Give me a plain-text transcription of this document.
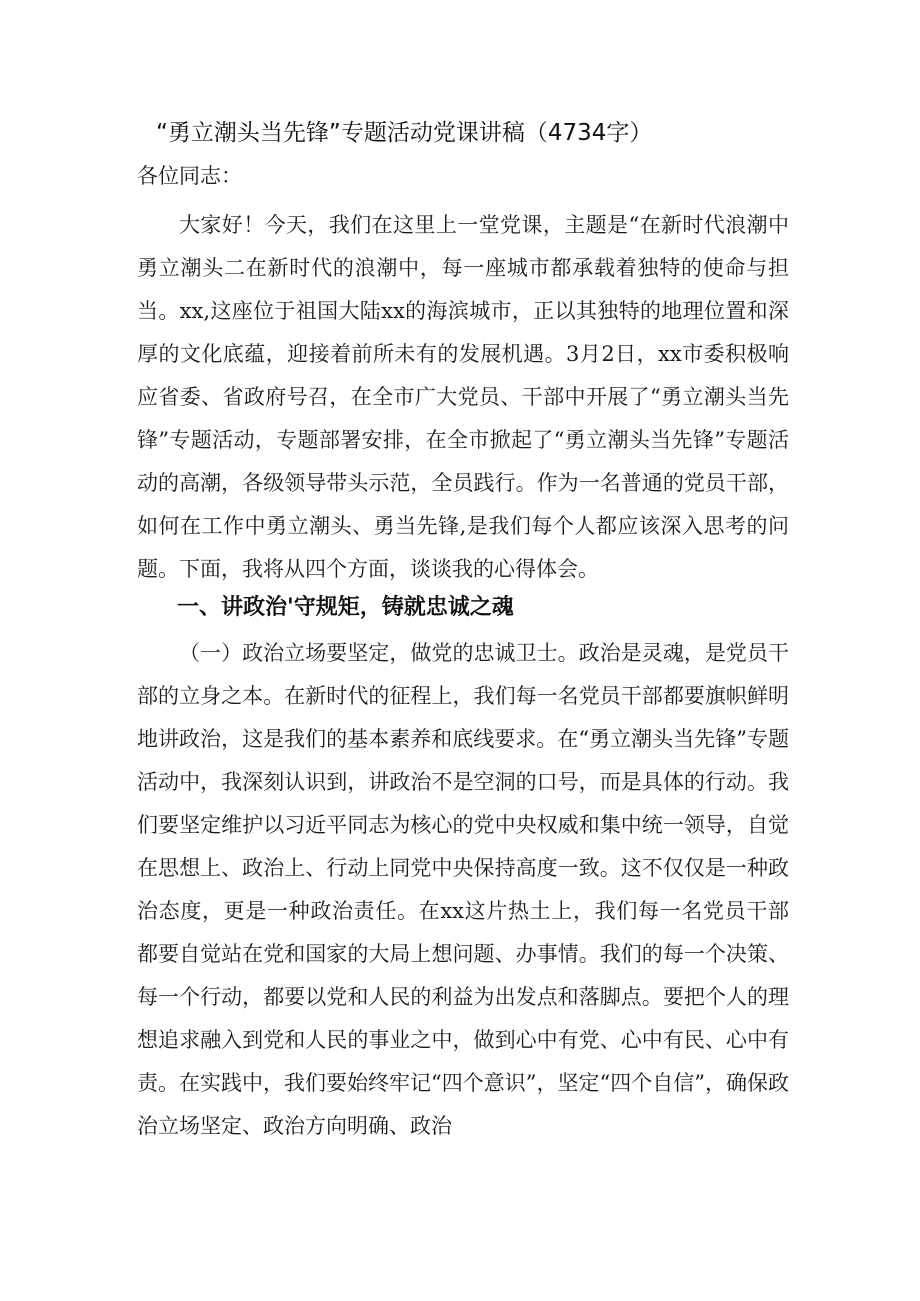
“勇立潮头当先锋”专题活动党课讲稿（4734字）
各位同志：

大家好！今天，我们在这里上一堂党课，主题是“在新时代浪潮中勇立潮头二在新时代的浪潮中，每一座城市都承载着独特的使命与担当。xx,这座位于祖国大陆xx的海滨城市，正以其独特的地理位置和深厚的文化底蕴，迎接着前所未有的发展机遇。3月2日，xx市委积极响应省委、省政府号召，在全市广大党员、干部中开展了“勇立潮头当先锋”专题活动，专题部署安排，在全市掀起了“勇立潮头当先锋”专题活动的高潮，各级领导带头示范，全员践行。作为一名普通的党员干部，如何在工作中勇立潮头、勇当先锋,是我们每个人都应该深入思考的问题。下面，我将从四个方面，谈谈我的心得体会。

一、讲政治'守规矩，铸就忠诚之魂

（一）政治立场要坚定，做党的忠诚卫士。政治是灵魂，是党员干部的立身之本。在新时代的征程上，我们每一名党员干部都要旗帜鲜明地讲政治，这是我们的基本素养和底线要求。在“勇立潮头当先锋”专题活动中，我深刻认识到，讲政治不是空洞的口号，而是具体的行动。我们要坚定维护以习近平同志为核心的党中央权威和集中统一领导，自觉在思想上、政治上、行动上同党中央保持高度一致。这不仅仅是一种政治态度，更是一种政治责任。在xx这片热土上，我们每一名党员干部都要自觉站在党和国家的大局上想问题、办事情。我们的每一个决策、每一个行动，都要以党和人民的利益为出发点和落脚点。要把个人的理想追求融入到党和人民的事业之中，做到心中有党、心中有民、心中有责。在实践中，我们要始终牢记“四个意识”，坚定“四个自信”，确保政治立场坚定、政治方向明确、政治
